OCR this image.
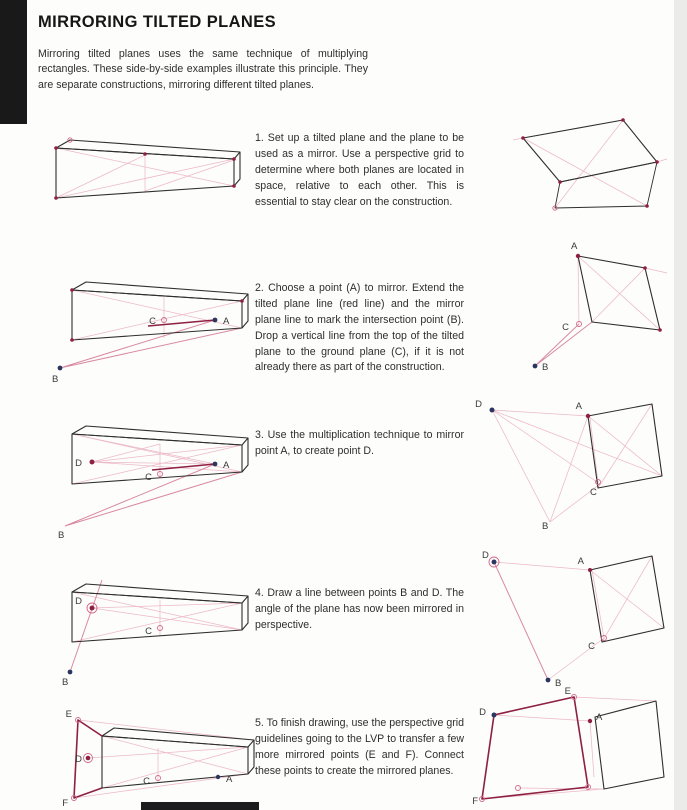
MIRRORING TILTED PLANES

Mirroring tilted planes uses the same technique of multiplying rectangles. These side-by-side examples illustrate this principle. They are separate constructions, mirroring different tilted planes.

1. Set up a tilted plane and the plane to be used as a mirror. Use a perspective grid to determine where both planes are located in space, relative to each other. This is essential to stay clear on the construction.

2. Choose a point (A) to mirror. Extend the tilted plane line (red line) and the mirror plane line to mark the intersection point (B). Drop a vertical line from the top of the tilted plane to the ground plane (C), if it is not already there as part of the construction.

3. Use the multiplication technique to mirror point A, to create point D.

4. Draw a line between points B and D. The angle of the plane has now been mirrored in perspective.

5. To finish drawing, use the perspective grid guidelines going to the LVP to transfer a few more mirrored points (E and F). Connect these points to create the mirrored planes.

A
C
B
A
C
B
D	A
C
B
D	A
C
B
D
C
B
D
A
C
B
E
D
F
C	A
E
D	A
F
